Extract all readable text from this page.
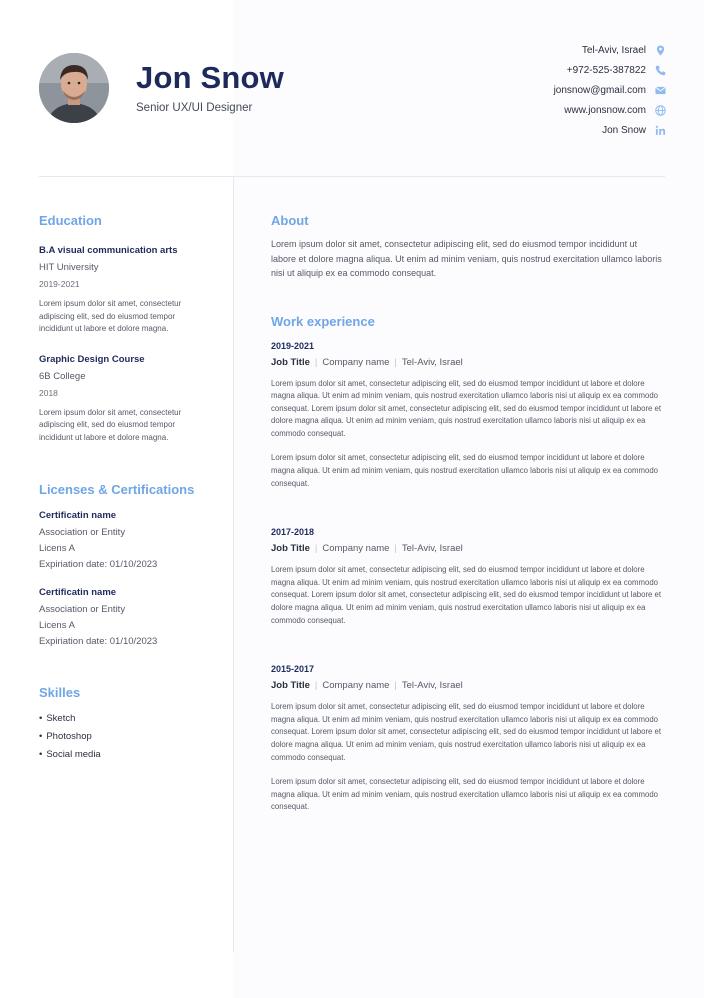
Jon Snow
Senior UX/UI Designer
Tel-Aviv, Israel
+972-525-387822
jonsnow@gmail.com
www.jonsnow.com
Jon Snow
Education
B.A visual communication arts
HIT University
2019-2021
Lorem ipsum dolor sit amet, consectetur adipiscing elit, sed do eiusmod tempor incididunt ut labore et dolore magna.
Graphic Design Course
6B College
2018
Lorem ipsum dolor sit amet, consectetur adipiscing elit, sed do eiusmod tempor incididunt ut labore et dolore magna.
Licenses & Certifications
Certificatin name
Association or Entity
Licens A
Expiriation date: 01/10/2023
Certificatin name
Association or Entity
Licens A
Expiriation date: 01/10/2023
Skilles
• Sketch
• Photoshop
• Social media
About
Lorem ipsum dolor sit amet, consectetur adipiscing elit, sed do eiusmod tempor incididunt ut labore et dolore magna aliqua. Ut enim ad minim veniam, quis nostrud exercitation ullamco laboris nisi ut aliquip ex ea commodo consequat.
Work experience
2019-2021
Job Title | Company name | Tel-Aviv, Israel
Lorem ipsum dolor sit amet, consectetur adipiscing elit, sed do eiusmod tempor incididunt ut labore et dolore magna aliqua. Ut enim ad minim veniam, quis nostrud exercitation ullamco laboris nisi ut aliquip ex ea commodo consequat. Lorem ipsum dolor sit amet, consectetur adipiscing elit, sed do eiusmod tempor incididunt ut labore et dolore magna aliqua. Ut enim ad minim veniam, quis nostrud exercitation ullamco laboris nisi ut aliquip ex ea commodo consequat.
Lorem ipsum dolor sit amet, consectetur adipiscing elit, sed do eiusmod tempor incididunt ut labore et dolore magna aliqua. Ut enim ad minim veniam, quis nostrud exercitation ullamco laboris nisi ut aliquip ex ea commodo consequat.
2017-2018
Job Title | Company name | Tel-Aviv, Israel
Lorem ipsum dolor sit amet, consectetur adipiscing elit, sed do eiusmod tempor incididunt ut labore et dolore magna aliqua. Ut enim ad minim veniam, quis nostrud exercitation ullamco laboris nisi ut aliquip ex ea commodo consequat. Lorem ipsum dolor sit amet, consectetur adipiscing elit, sed do eiusmod tempor incididunt ut labore et dolore magna aliqua. Ut enim ad minim veniam, quis nostrud exercitation ullamco laboris nisi ut aliquip ex ea commodo consequat.
2015-2017
Job Title | Company name | Tel-Aviv, Israel
Lorem ipsum dolor sit amet, consectetur adipiscing elit, sed do eiusmod tempor incididunt ut labore et dolore magna aliqua. Ut enim ad minim veniam, quis nostrud exercitation ullamco laboris nisi ut aliquip ex ea commodo consequat. Lorem ipsum dolor sit amet, consectetur adipiscing elit, sed do eiusmod tempor incididunt ut labore et dolore magna aliqua. Ut enim ad minim veniam, quis nostrud exercitation ullamco laboris nisi ut aliquip ex ea commodo consequat.
Lorem ipsum dolor sit amet, consectetur adipiscing elit, sed do eiusmod tempor incididunt ut labore et dolore magna aliqua. Ut enim ad minim veniam, quis nostrud exercitation ullamco laboris nisi ut aliquip ex ea commodo consequat.
